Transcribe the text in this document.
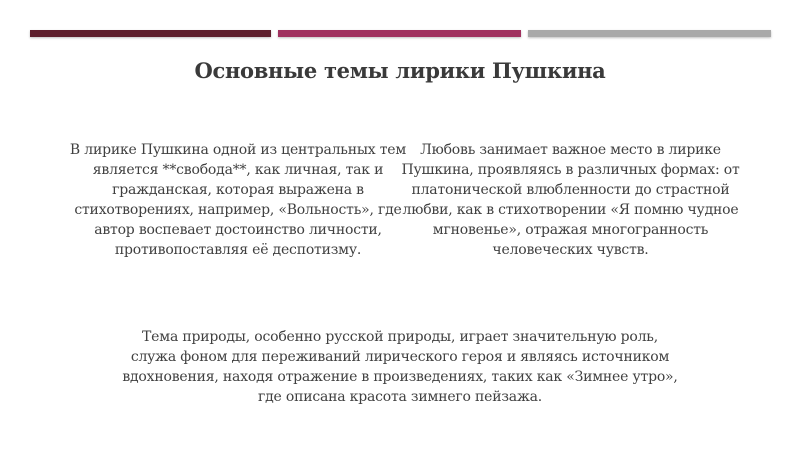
Основные темы лирики Пушкина

В лирике Пушкина одной из центральных тем является **свобода**, как личная, так и гражданская, которая выражена в стихотворениях, например, «Вольность», где автор воспевает достоинство личности, противопоставляя её деспотизму.

Любовь занимает важное место в лирике Пушкина, проявляясь в различных формах: от платонической влюбленности до страстной любви, как в стихотворении «Я помню чудное мгновенье», отражая многогранность человеческих чувств.

Тема природы, особенно русской природы, играет значительную роль, служа фоном для переживаний лирического героя и являясь источником вдохновения, находя отражение в произведениях, таких как «Зимнее утро», где описана красота зимнего пейзажа.
